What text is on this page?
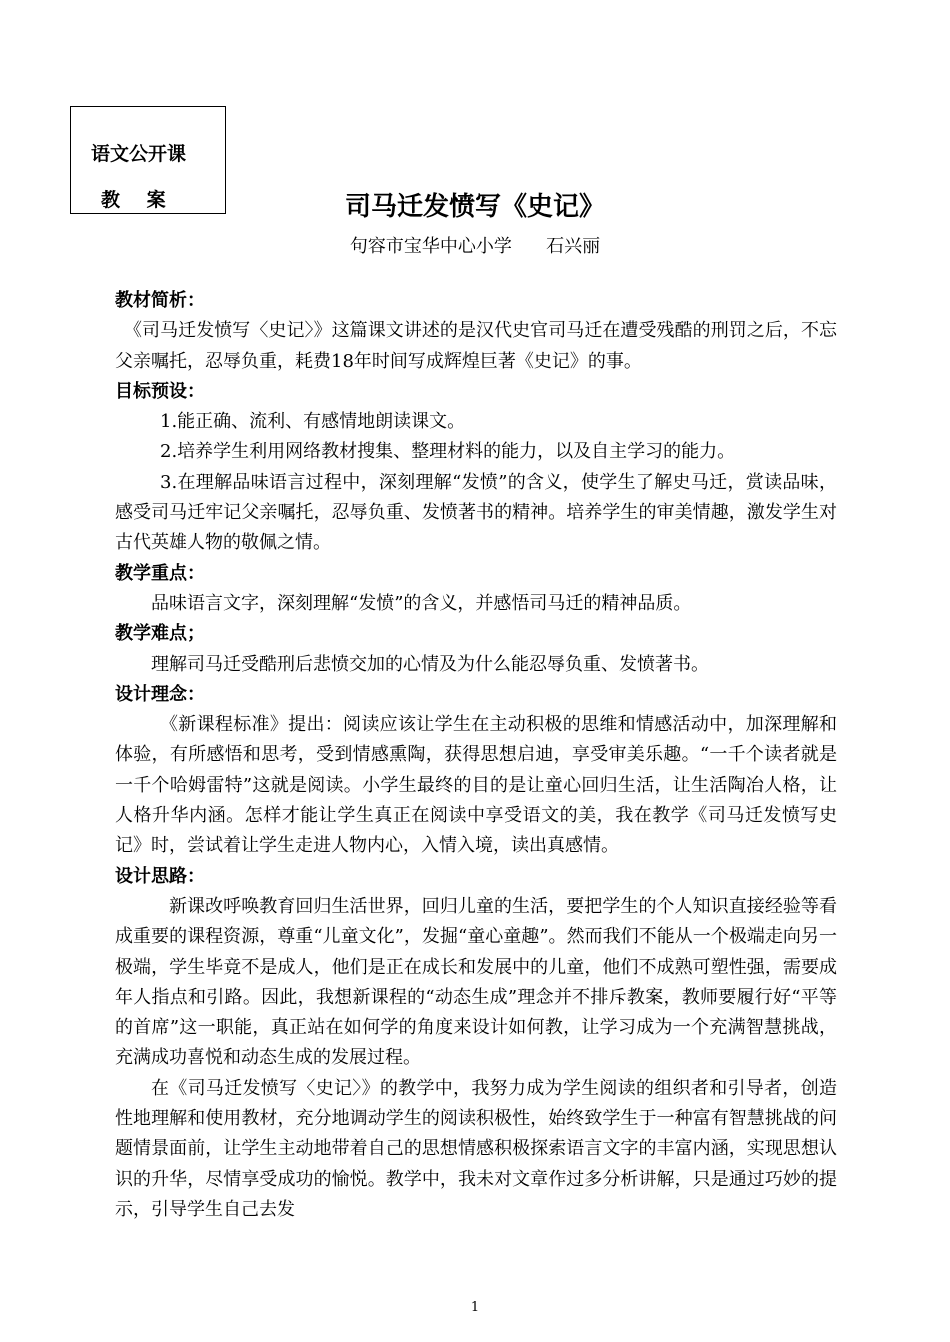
语文公开课
教 案	司马迁发愤写《史记》
句容市宝华中心小学 石兴丽

教材简析：

《司马迁发愤写〈史记〉》这篇课文讲述的是汉代史官司马迁在遭受残酷的刑罚之后，不忘父亲嘱托，忍辱负重，耗费18年时间写成辉煌巨著《史记》的事。

目标预设：

1.能正确、流利、有感情地朗读课文。

2.培养学生利用网络教材搜集、整理材料的能力，以及自主学习的能力。

3.在理解品味语言过程中，深刻理解“发愤”的含义，使学生了解史马迁，赏读品味，感受司马迁牢记父亲嘱托，忍辱负重、发愤著书的精神。培养学生的审美情趣，激发学生对古代英雄人物的敬佩之情。

教学重点：

品味语言文字，深刻理解“发愤”的含义，并感悟司马迁的精神品质。

教学难点；

理解司马迁受酷刑后悲愤交加的心情及为什么能忍辱负重、发愤著书。

设计理念：

《新课程标准》提出：阅读应该让学生在主动积极的思维和情感活动中，加深理解和体验，有所感悟和思考，受到情感熏陶，获得思想启迪，享受审美乐趣。“一千个读者就是一千个哈姆雷特”这就是阅读。小学生最终的目的是让童心回归生活，让生活陶冶人格，让人格升华内涵。怎样才能让学生真正在阅读中享受语文的美，我在教学《司马迁发愤写史记》时，尝试着让学生走进人物内心，入情入境，读出真感情。

设计思路：

新课改呼唤教育回归生活世界，回归儿童的生活，要把学生的个人知识直接经验等看成重要的课程资源，尊重“儿童文化”，发掘“童心童趣”。然而我们不能从一个极端走向另一极端，学生毕竟不是成人，他们是正在成长和发展中的儿童，他们不成熟可塑性强，需要成年人指点和引路。因此，我想新课程的“动态生成”理念并不排斥教案，教师要履行好“平等的首席”这一职能，真正站在如何学的角度来设计如何教，让学习成为一个充满智慧挑战，充满成功喜悦和动态生成的发展过程。

在《司马迁发愤写〈史记〉》的教学中，我努力成为学生阅读的组织者和引导者，创造性地理解和使用教材，充分地调动学生的阅读积极性，始终致学生于一种富有智慧挑战的问题情景面前，让学生主动地带着自己的思想情感积极探索语言文字的丰富内涵，实现思想认识的升华，尽情享受成功的愉悦。教学中，我未对文章作过多分析讲解，只是通过巧妙的提示，引导学生自己去发

1
